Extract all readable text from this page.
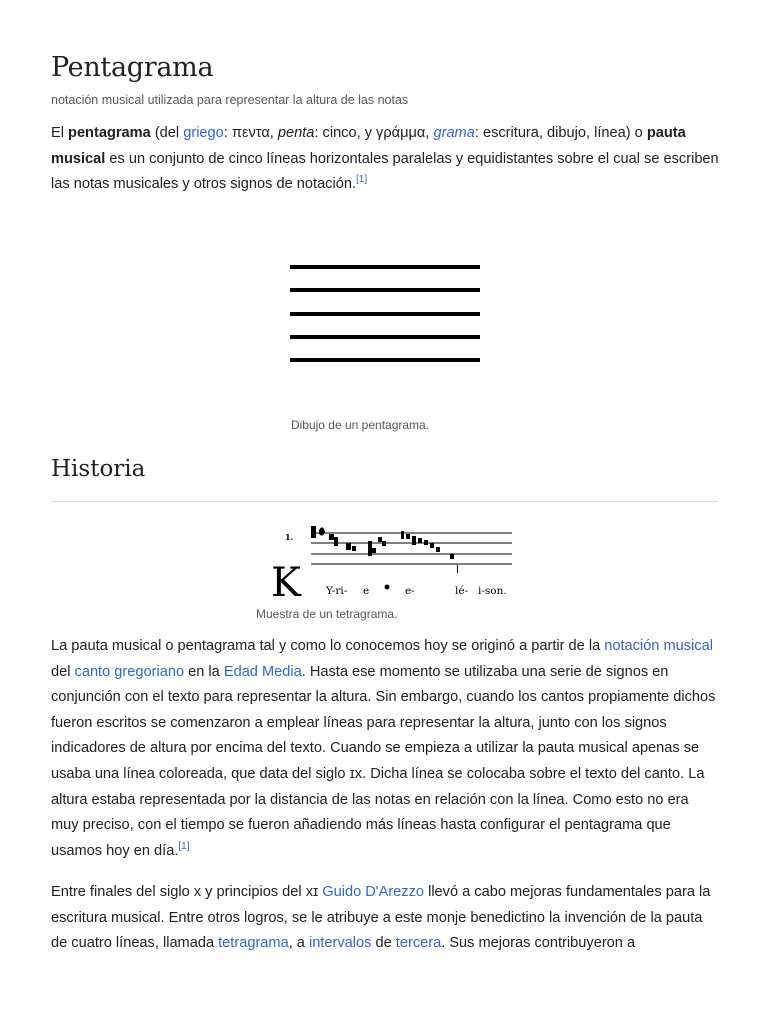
Pentagrama
notación musical utilizada para representar la altura de las notas

El pentagrama (del griego: πεντα, penta: cinco, y γράμμα, grama: escritura, dibujo, línea) o pauta musical es un conjunto de cinco líneas horizontales paralelas y equidistantes sobre el cual se escriben las notas musicales y otros signos de notación.[1]

Dibujo de un pentagrama.
Historia
1.
K Y-ri- e	e-	lé- i-son.
Muestra de un tetragrama.

La pauta musical o pentagrama tal y como lo conocemos hoy se originó a partir de la notación musical del canto gregoriano en la Edad Media. Hasta ese momento se utilizaba una serie de signos en conjunción con el texto para representar la altura. Sin embargo, cuando los cantos propiamente dichos fueron escritos se comenzaron a emplear líneas para representar la altura, junto con los signos indicadores de altura por encima del texto. Cuando se empieza a utilizar la pauta musical apenas se usaba una línea coloreada, que data del siglo ɪx. Dicha línea se colocaba sobre el texto del canto. La altura estaba representada por la distancia de las notas en relación con la línea. Como esto no era muy preciso, con el tiempo se fueron añadiendo más líneas hasta configurar el pentagrama que usamos hoy en día.[1]

Entre finales del siglo x y principios del xɪ Guido D'Arezzo llevó a cabo mejoras fundamentales para la escritura musical. Entre otros logros, se le atribuye a este monje benedictino la invención de la pauta de cuatro líneas, llamada tetragrama, a intervalos de tercera. Sus mejoras contribuyeron a
